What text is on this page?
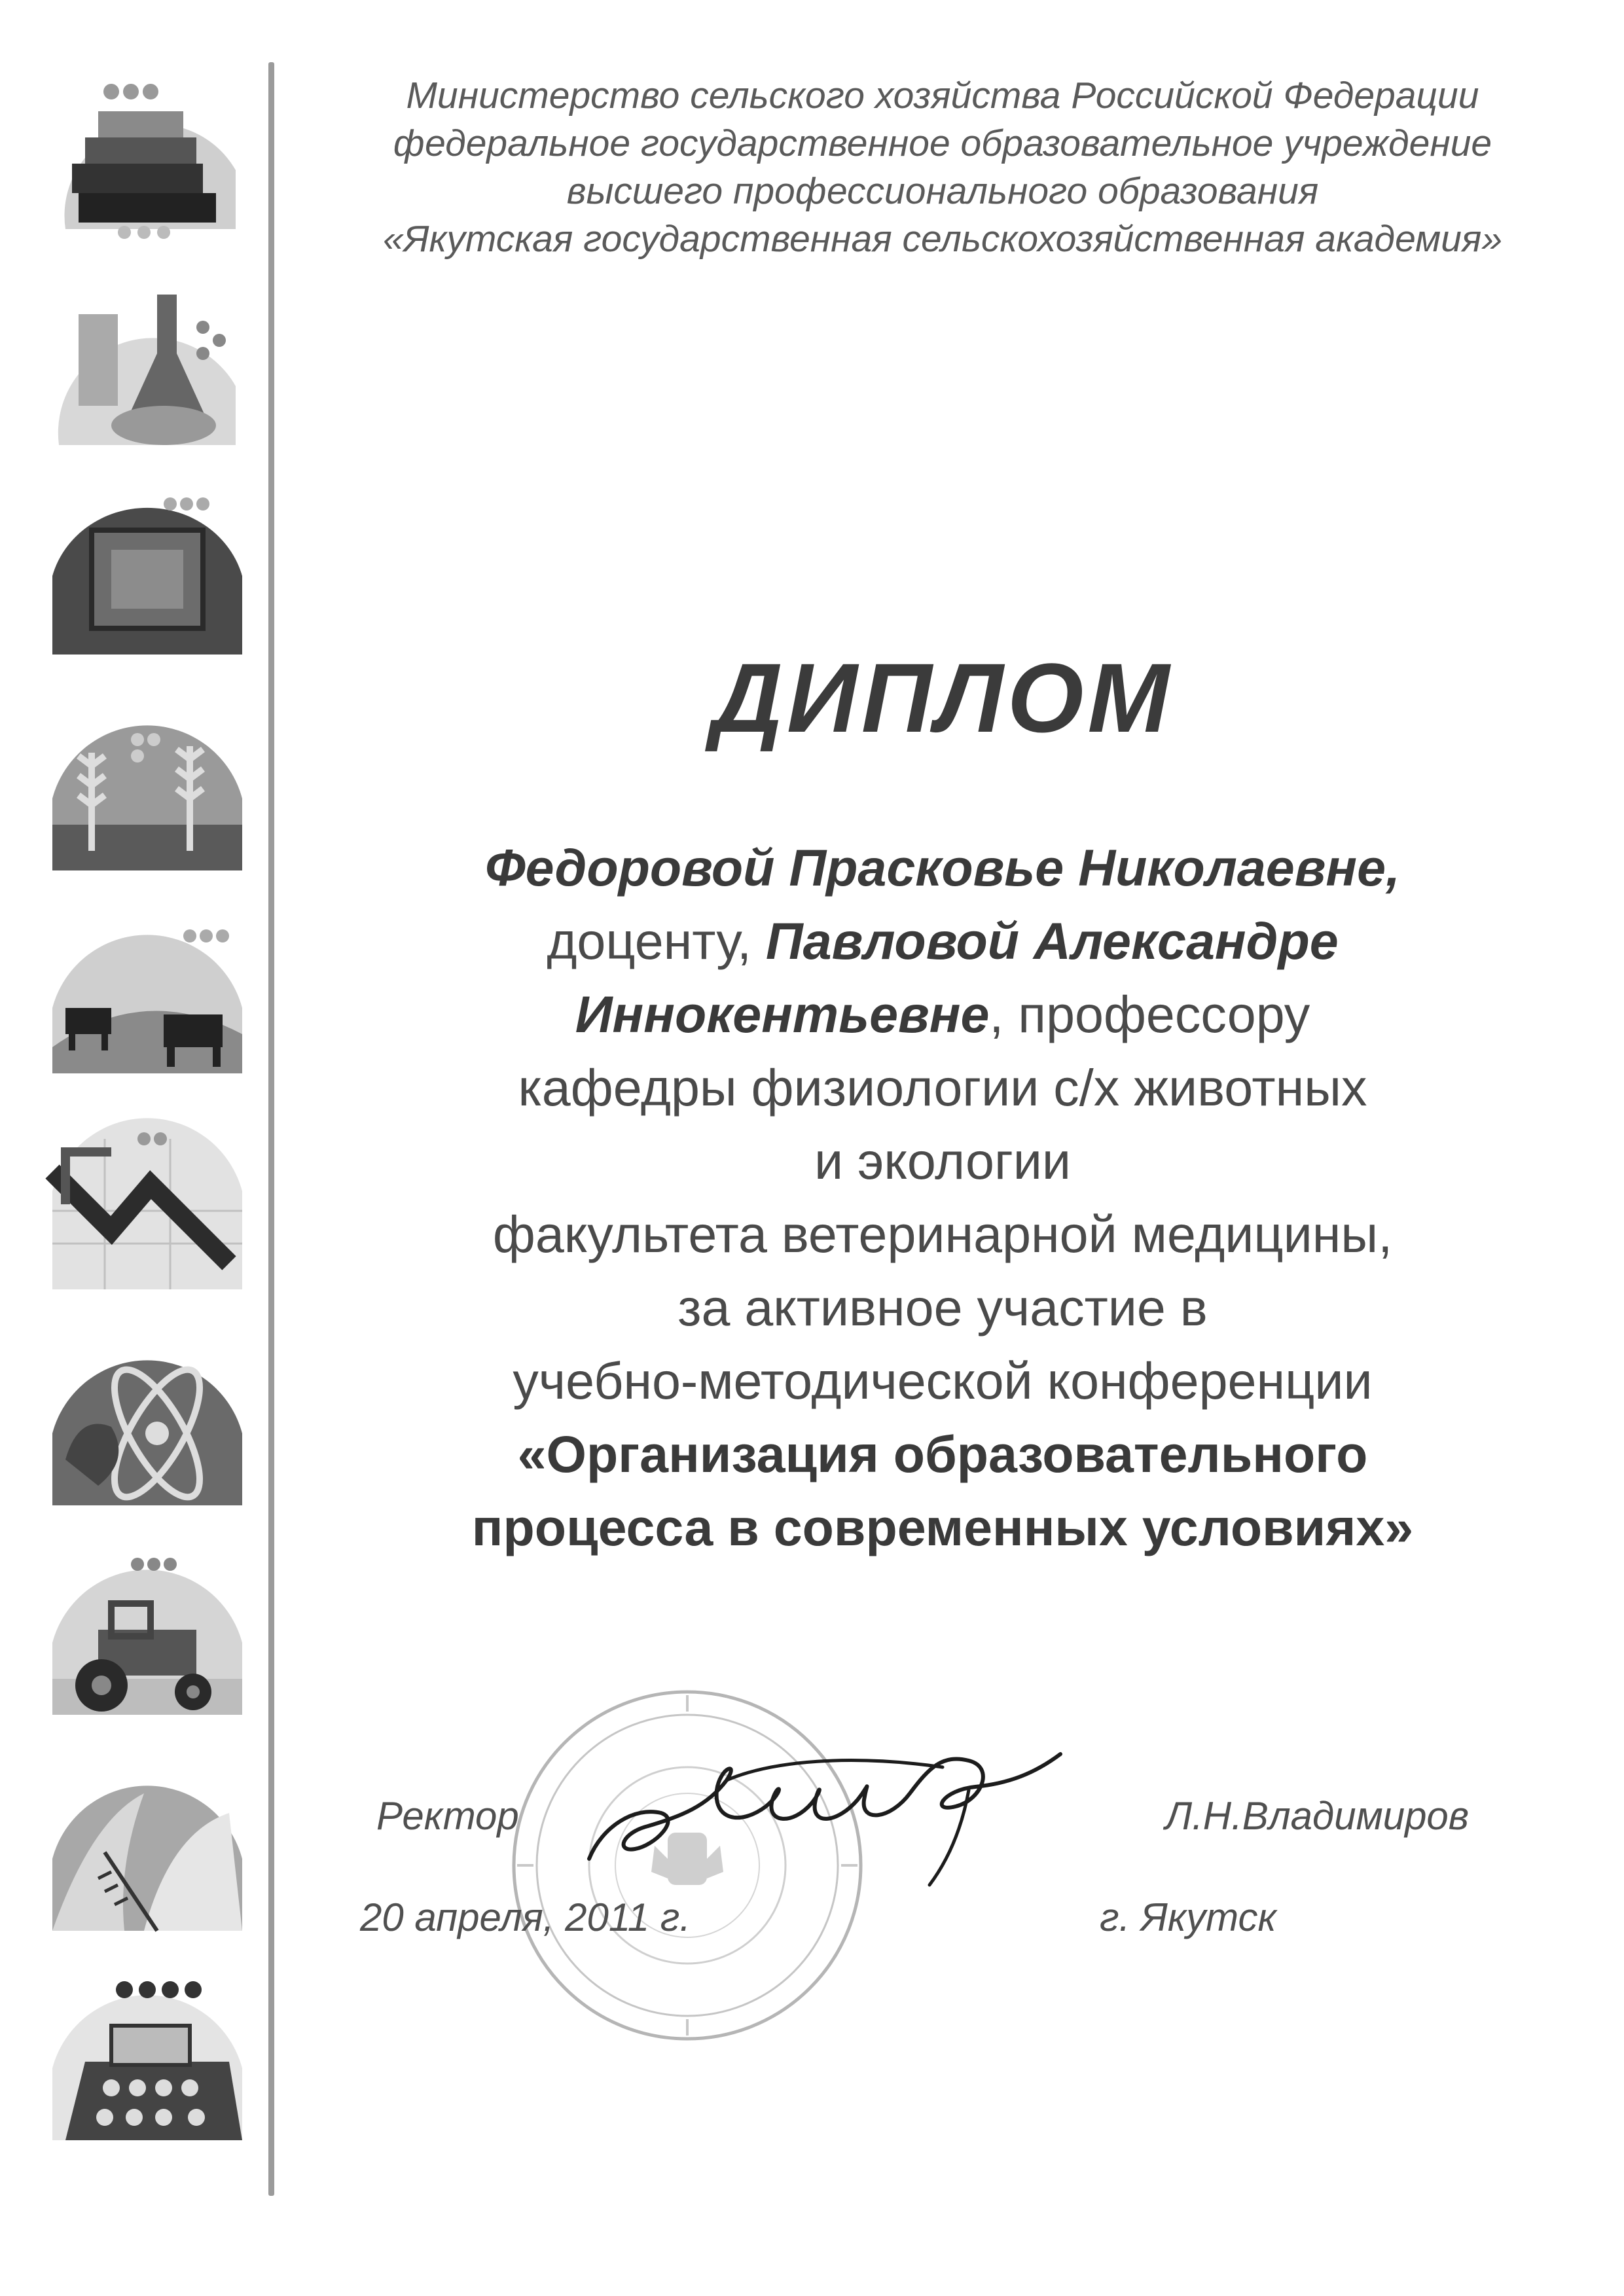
Министерство сельского хозяйства Российской Федерации
федеральное государственное образовательное учреждение
высшего профессионального образования
«Якутская государственная сельскохозяйственная академия»
ДИПЛОМ
Федоровой Прасковье Николаевне,
доценту, Павловой Александре
Иннокентьевне, профессору
кафедры физиологии с/х животных
и экологии
факультета ветеринарной медицины,
за активное участие в
учебно-методической конференции
«Организация образовательного
процесса в современных условиях»
Ректор	Л.Н.Владимиров
20 апреля, 2011 г.	г. Якутск
